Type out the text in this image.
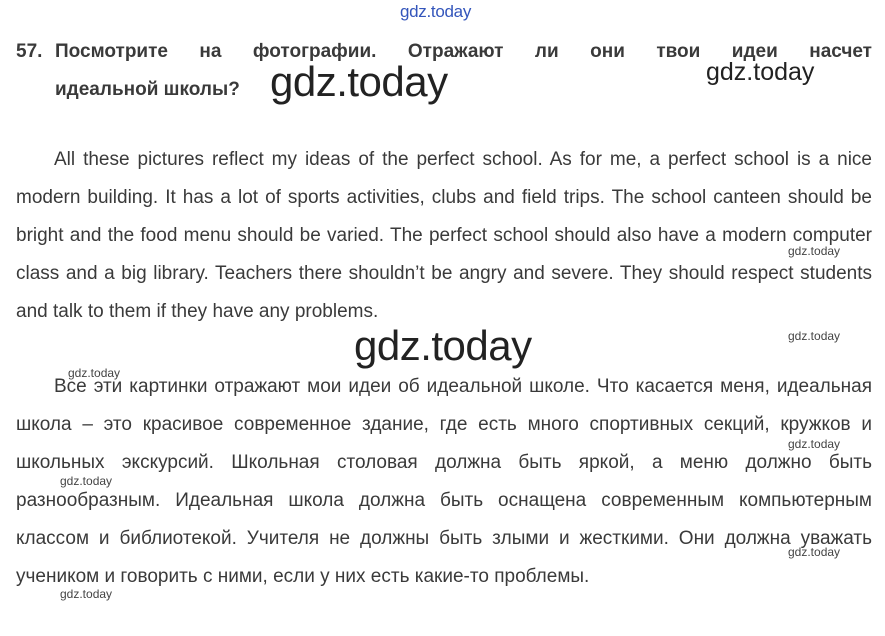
gdz.today
57. Посмотрите на фотографии. Отражают ли они твои идеи насчет
идеальной школы?

All these pictures reflect my ideas of the perfect school. As for me, a perfect school is a nice modern building. It has a lot of sports activities, clubs and field trips. The school canteen should be bright and the food menu should be varied. The perfect school should also have a modern computer class and a big library. Teachers there shouldn’t be angry and severe. They should respect students and talk to them if they have any problems.

Все эти картинки отражают мои идеи об идеальной школе. Что касается меня, идеальная школа – это красивое современное здание, где есть много спортивных секций, кружков и школьных экскурсий. Школьная столовая должна быть яркой, а меню должно быть разнообразным. Идеальная школа должна быть оснащена современным компьютерным классом и библиотекой. Учителя не должны быть злыми и жесткими. Они должна уважать учеником и говорить с ними, если у них есть какие-то проблемы.

gdz.today	gdz.today
gdz.today
gdz.today
gdz.today
gdz.today
gdz.today
gdz.today
gdz.today
gdz.today
